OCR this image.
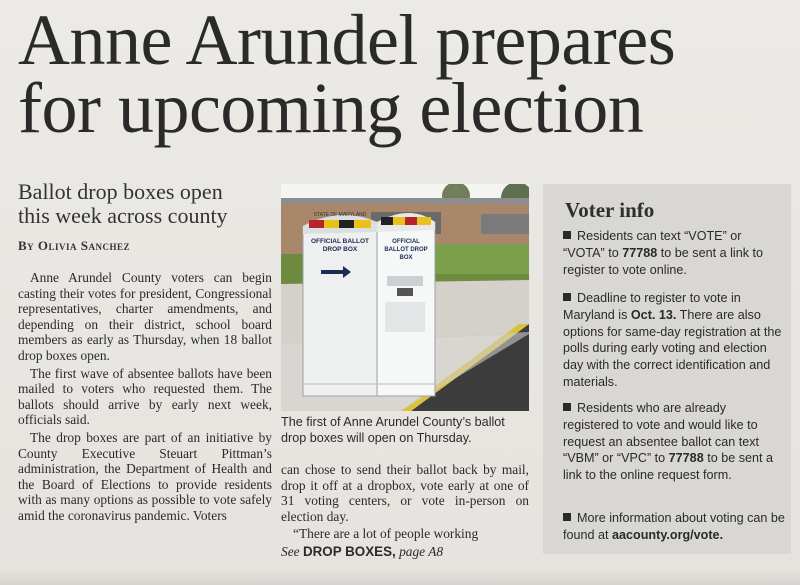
Anne Arundel prepares
for upcoming election
Ballot drop boxes open
this week across county
By Olivia Sanchez

Anne Arundel County voters can begin casting their votes for president, Congressional representatives, charter amendments, and depending on their district, school board members as early as Thursday, when 18 ballot drop boxes open.

The first wave of absentee ballots have been mailed to voters who requested them. The ballots should arrive by early next week, officials said.

The drop boxes are part of an initiative by County Executive Steuart Pittman’s administration, the Department of Health and the Board of Elections to provide residents with as many options as possible to vote safely amid the coronavirus pandemic. Voters

STATE OF MARYLAND
OFFICIAL BALLOT DROP BOX
OFFICIAL BALLOT DROP BOX
The first of Anne Arundel County’s ballot drop boxes will open on Thursday.

can chose to send their ballot back by mail, drop it off at a dropbox, vote early at one of 31 voting centers, or vote in-person on election day.

“There are a lot of people working

See DROP BOXES, page A8
Voter info
Residents can text “VOTE” or “VOTA” to 77788 to be sent a link to register to vote online.
Deadline to register to vote in Maryland is Oct. 13. There are also options for same-day registration at the polls during early voting and election day with the correct identification and materials.
Residents who are already registered to vote and would like to request an absentee ballot can text “VBM” or “VPC” to 77788 to be sent a link to the online request form.
More information about voting can be found at aacounty.org/vote.
